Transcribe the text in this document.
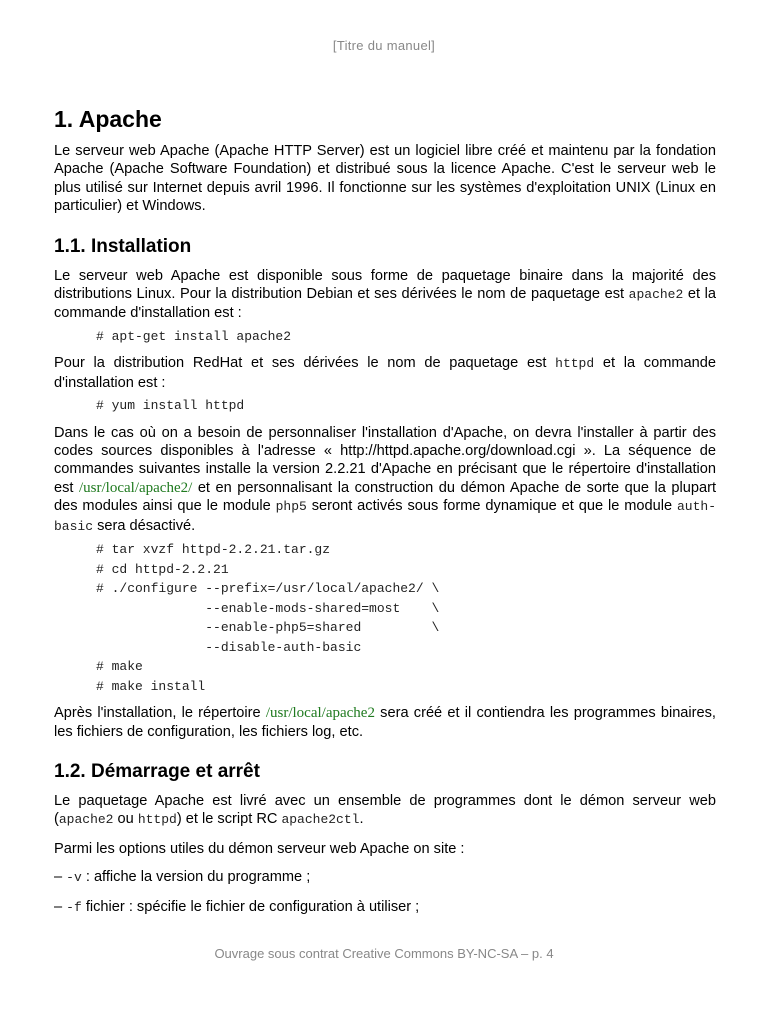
[Titre du manuel]
1. Apache

Le serveur web Apache (Apache HTTP Server) est un logiciel libre créé et maintenu par la fondation Apache (Apache Software Foundation) et distribué sous la licence Apache. C'est le serveur web le plus utilisé sur Internet depuis avril 1996. Il fonctionne sur les systèmes d'exploitation UNIX (Linux en particulier) et Windows.

1.1. Installation

Le serveur web Apache est disponible sous forme de paquetage binaire dans la majorité des distributions Linux. Pour la distribution Debian et ses dérivées le nom de paquetage est apache2 et la commande d'installation est :

# apt-get install apache2

Pour la distribution RedHat et ses dérivées le nom de paquetage est httpd et la commande d'installation est :

# yum install httpd

Dans le cas où on a besoin de personnaliser l'installation d'Apache, on devra l'installer à partir des codes sources disponibles à l'adresse « http://httpd.apache.org/download.cgi ». La séquence de commandes suivantes installe la version 2.2.21 d'Apache en précisant que le répertoire d'installation est /usr/local/apache2/ et en personnalisant la construction du démon Apache de sorte que la plupart des modules ainsi que le module php5 seront activés sous forme dynamique et que le module auth-basic sera désactivé.

# tar xvzf httpd-2.2.21.tar.gz
# cd httpd-2.2.21
# ./configure --prefix=/usr/local/apache2/ \
--enable-mods-shared=most    \
--enable-php5=shared         \
--disable-auth-basic
# make
# make install

Après l'installation, le répertoire /usr/local/apache2 sera créé et il contiendra les programmes binaires, les fichiers de configuration, les fichiers log, etc.

1.2. Démarrage et arrêt

Le paquetage Apache est livré avec un ensemble de programmes dont le démon serveur web (apache2 ou httpd) et le script RC apache2ctl.

Parmi les options utiles du démon serveur web Apache on site :

– -v : affiche la version du programme ;
– -f fichier : spécifie le fichier de configuration à utiliser ;
Ouvrage sous contrat Creative Commons BY-NC-SA – p. 4
